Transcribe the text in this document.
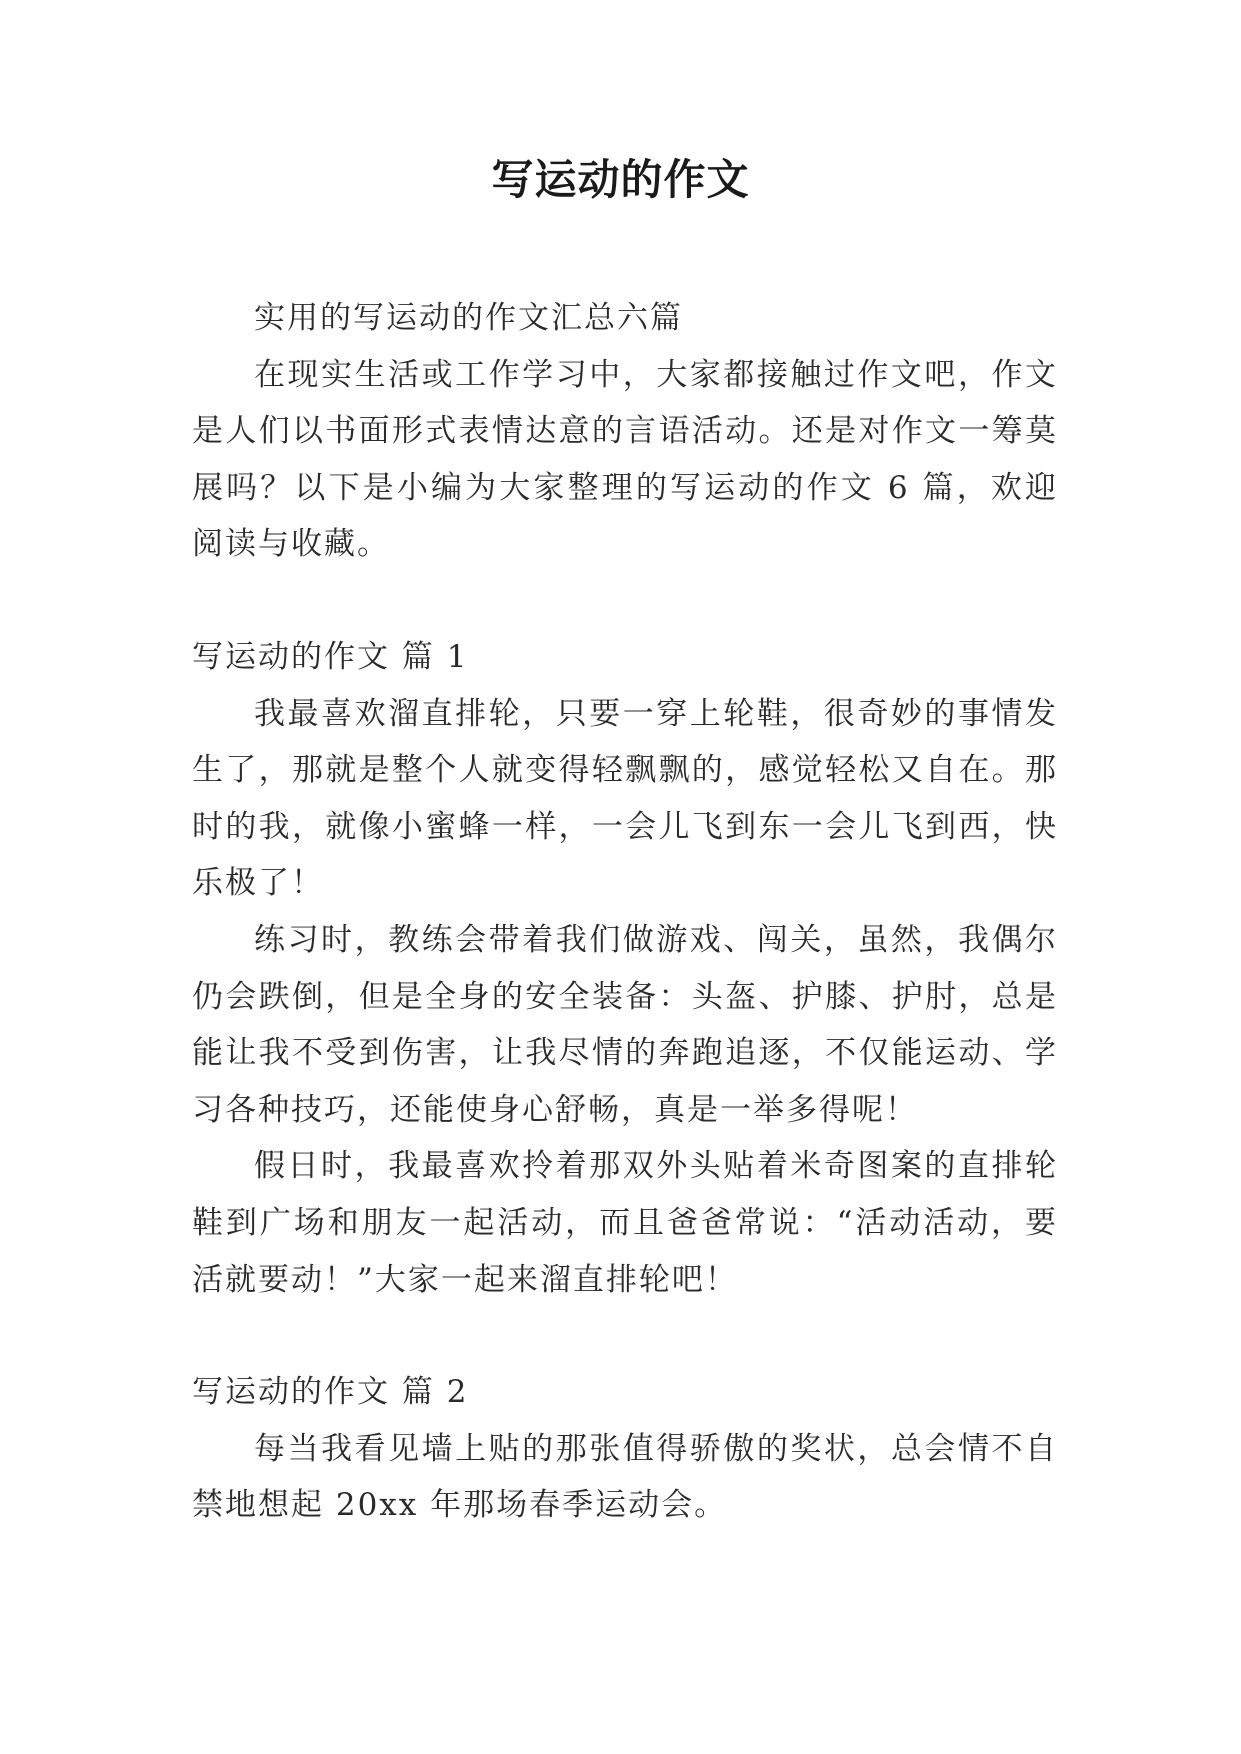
写运动的作文

实用的写运动的作文汇总六篇

在现实生活或工作学习中，大家都接触过作文吧，作文是人们以书面形式表情达意的言语活动。还是对作文一筹莫展吗？以下是小编为大家整理的写运动的作文 6 篇，欢迎阅读与收藏。

写运动的作文 篇 1

我最喜欢溜直排轮，只要一穿上轮鞋，很奇妙的事情发生了，那就是整个人就变得轻飘飘的，感觉轻松又自在。那时的我，就像小蜜蜂一样，一会儿飞到东一会儿飞到西，快乐极了！

练习时，教练会带着我们做游戏、闯关，虽然，我偶尔仍会跌倒，但是全身的安全装备：头盔、护膝、护肘，总是能让我不受到伤害，让我尽情的奔跑追逐，不仅能运动、学习各种技巧，还能使身心舒畅，真是一举多得呢！

假日时，我最喜欢拎着那双外头贴着米奇图案的直排轮鞋到广场和朋友一起活动，而且爸爸常说：“活动活动，要活就要动！”大家一起来溜直排轮吧！

写运动的作文 篇 2

每当我看见墙上贴的那张值得骄傲的奖状，总会情不自禁地想起 20xx 年那场春季运动会。
